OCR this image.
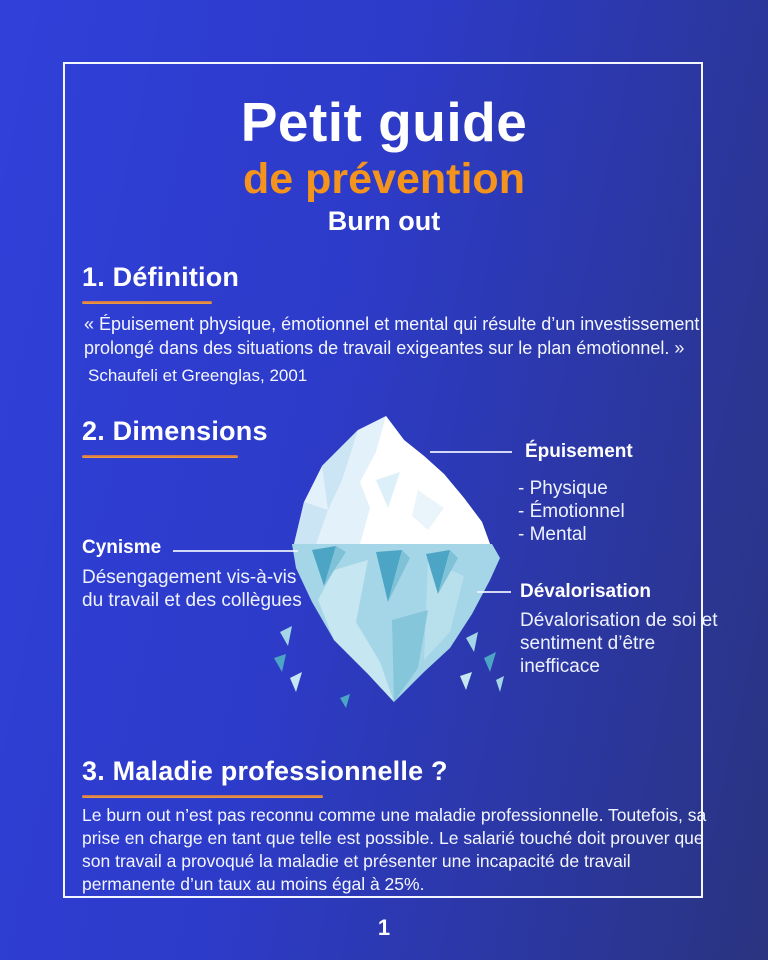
Petit guide
de prévention
Burn out
1. Définition
« Épuisement physique, émotionnel et mental qui résulte d’un investissement prolongé dans des situations de travail exigeantes sur le plan émotionnel. »
Schaufeli et Greenglas, 2001
2. Dimensions
Épuisement
- Physique
- Émotionnel
- Mental
Cynisme
Désengagement vis-à-vis du travail et des collègues	Dévalorisation
Dévalorisation de soi et sentiment d’être inefficace
3. Maladie professionnelle ?
Le burn out n’est pas reconnu comme une maladie professionnelle. Toutefois, sa prise en charge en tant que telle est possible. Le salarié touché doit prouver que son travail a provoqué la maladie et présenter une incapacité de travail permanente d’un taux au moins égal à 25%.
1
